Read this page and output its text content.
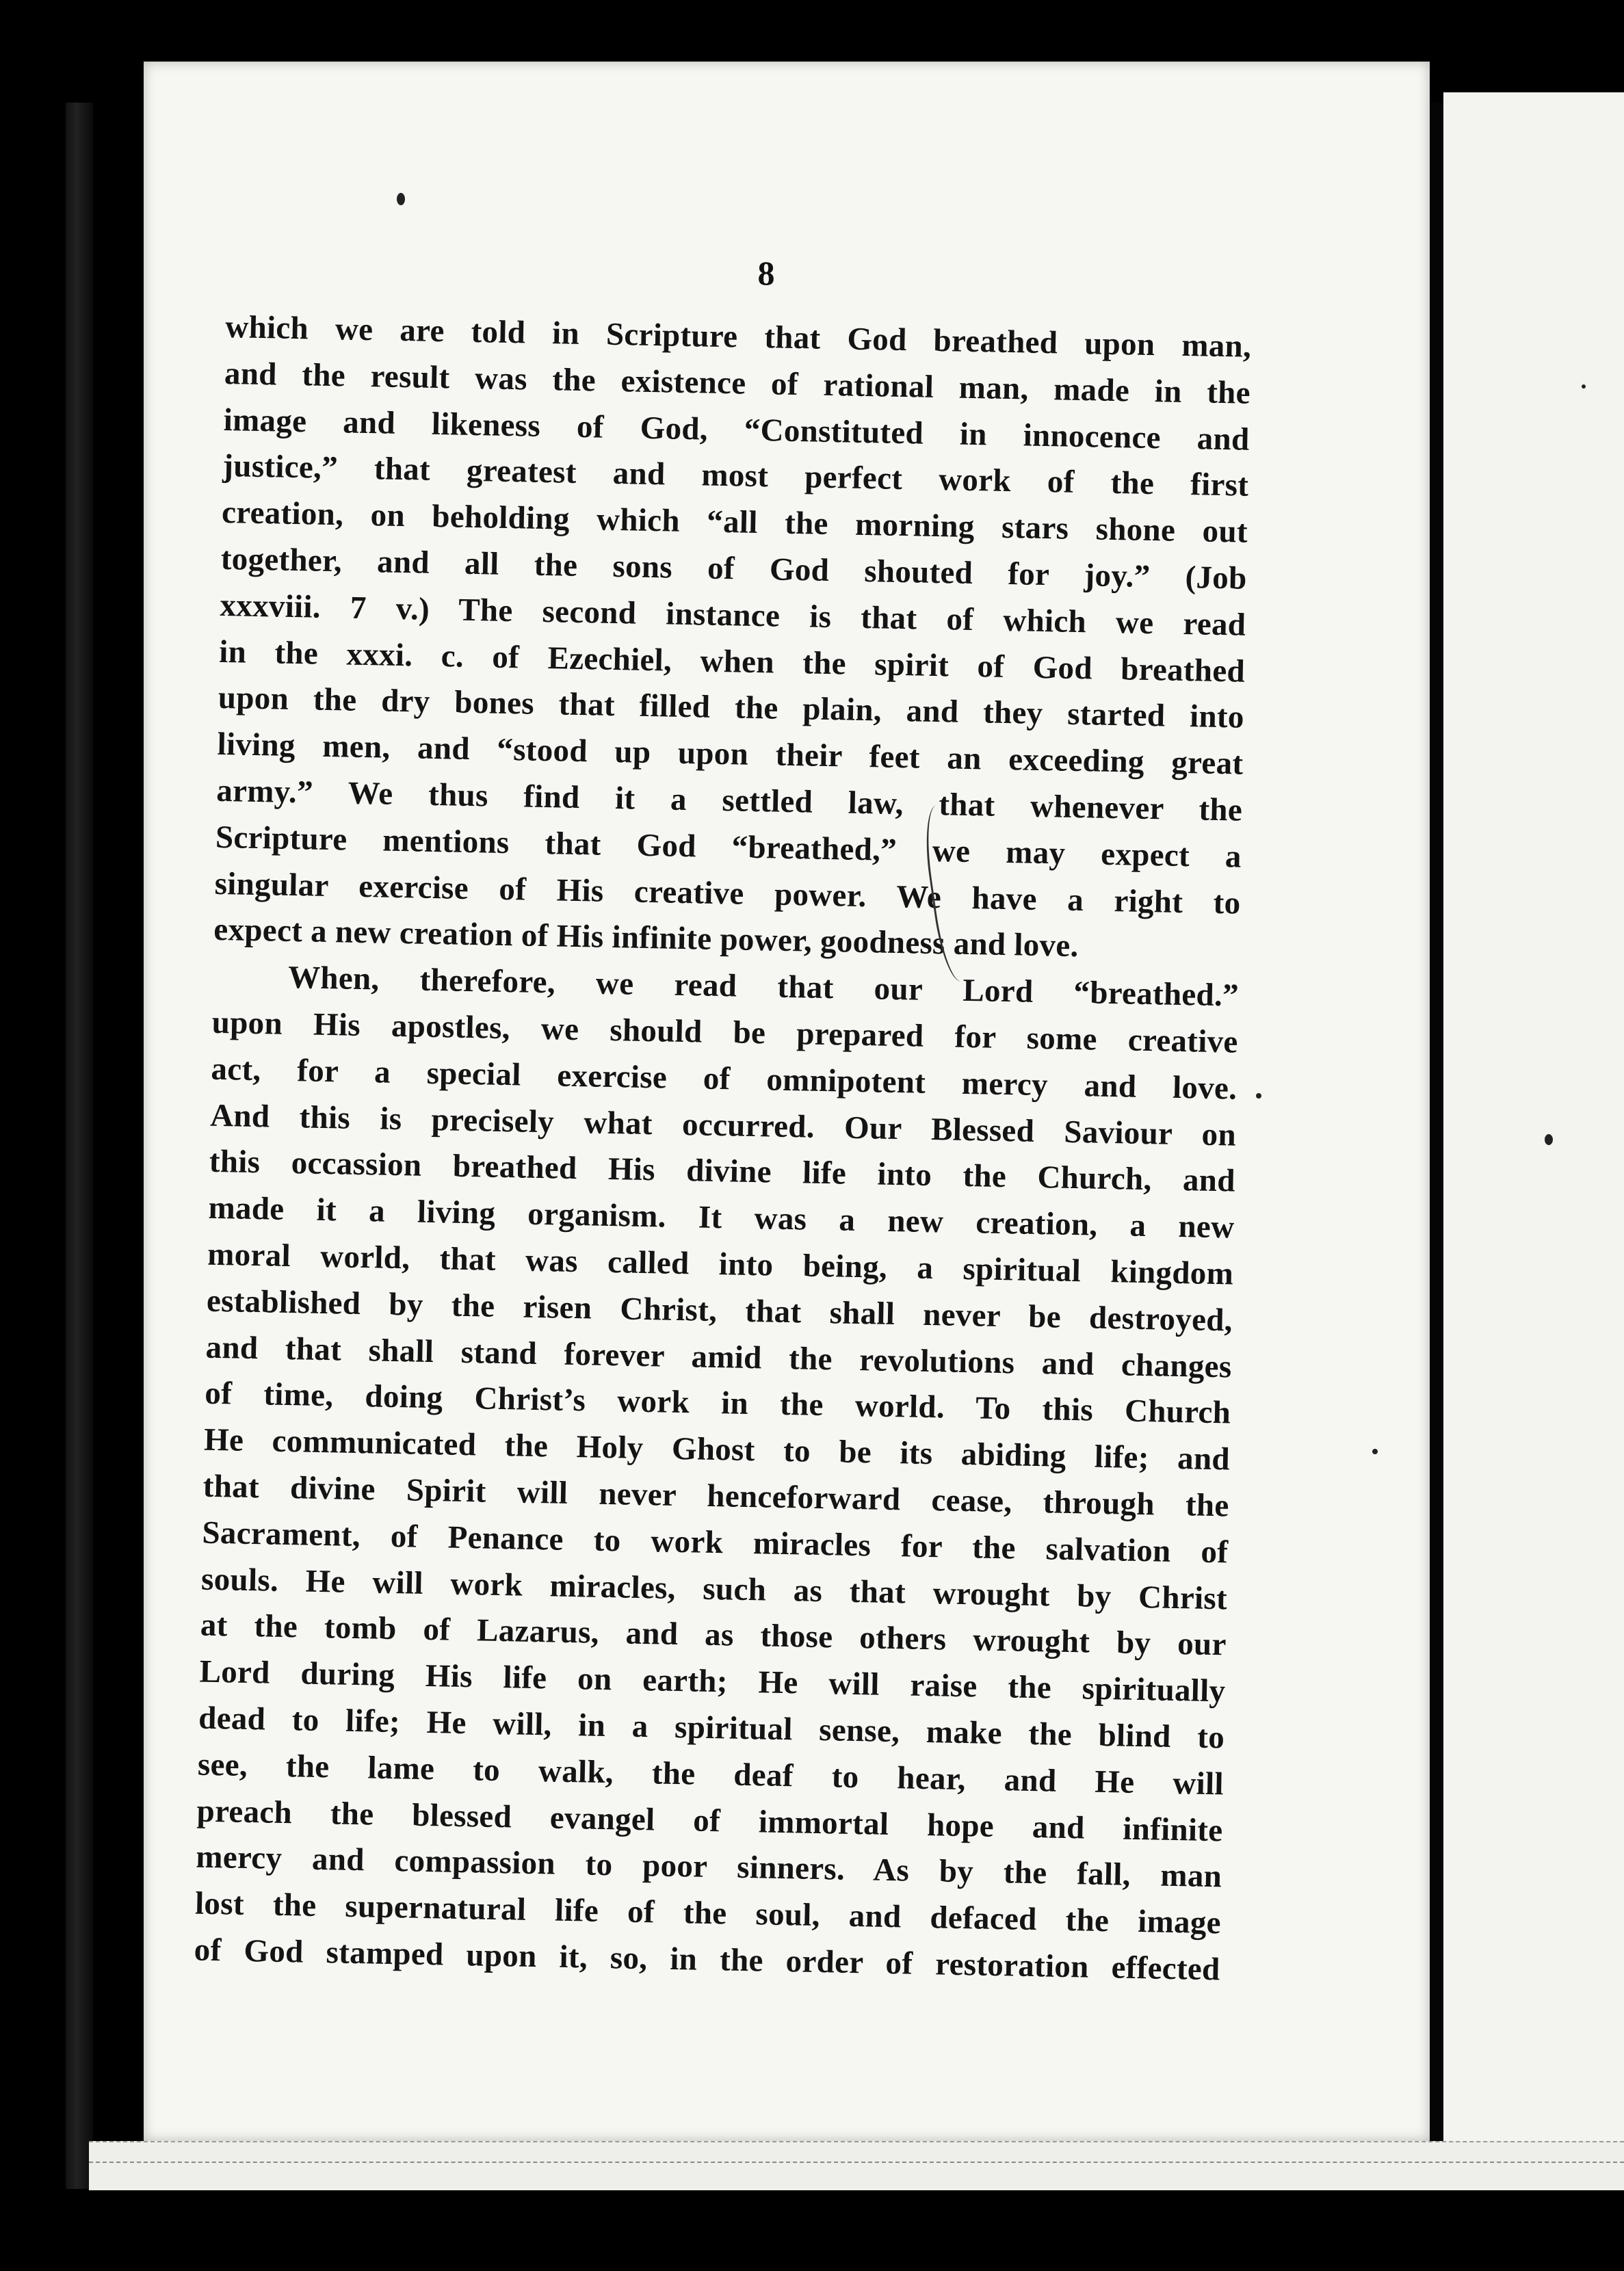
8
which we are told in Scripture that God breathed upon man,
and the result was the existence of rational man, made in the
image and likeness of God, “Constituted in innocence and
justice,” that greatest and most perfect work of the first
creation, on beholding which “all the morning stars shone out
together, and all the sons of God shouted for joy.” (Job
xxxviii. 7 v.) The second instance is that of which we read
in the xxxi. c. of Ezechiel, when the spirit of God breathed
upon the dry bones that filled the plain, and they started into
living men, and “stood up upon their feet an exceeding great
army.” We thus find it a settled law, that whenever the
Scripture mentions that God “breathed,” we may expect a
singular exercise of His creative power. We have a right to
expect a new creation of His infinite power, goodness and love.
When, therefore, we read that our Lord “breathed.”
upon His apostles, we should be prepared for some creative
act, for a special exercise of omnipotent mercy and love.
And this is precisely what occurred. Our Blessed Saviour on
this occassion breathed His divine life into the Church, and
made it a living organism. It was a new creation, a new
moral world, that was called into being, a spiritual kingdom
established by the risen Christ, that shall never be destroyed,
and that shall stand forever amid the revolutions and changes
of time, doing Christ’s work in the world. To this Church
He communicated the Holy Ghost to be its abiding life; and
that divine Spirit will never henceforward cease, through the
Sacrament, of Penance to work miracles for the salvation of
souls. He will work miracles, such as that wrought by Christ
at the tomb of Lazarus, and as those others wrought by our
Lord during His life on earth; He will raise the spiritually
dead to life; He will, in a spiritual sense, make the blind to
see, the lame to walk, the deaf to hear, and He will
preach the blessed evangel of immortal hope and infinite
mercy and compassion to poor sinners. As by the fall, man
lost the supernatural life of the soul, and defaced the image
of God stamped upon it, so, in the order of restoration effected
